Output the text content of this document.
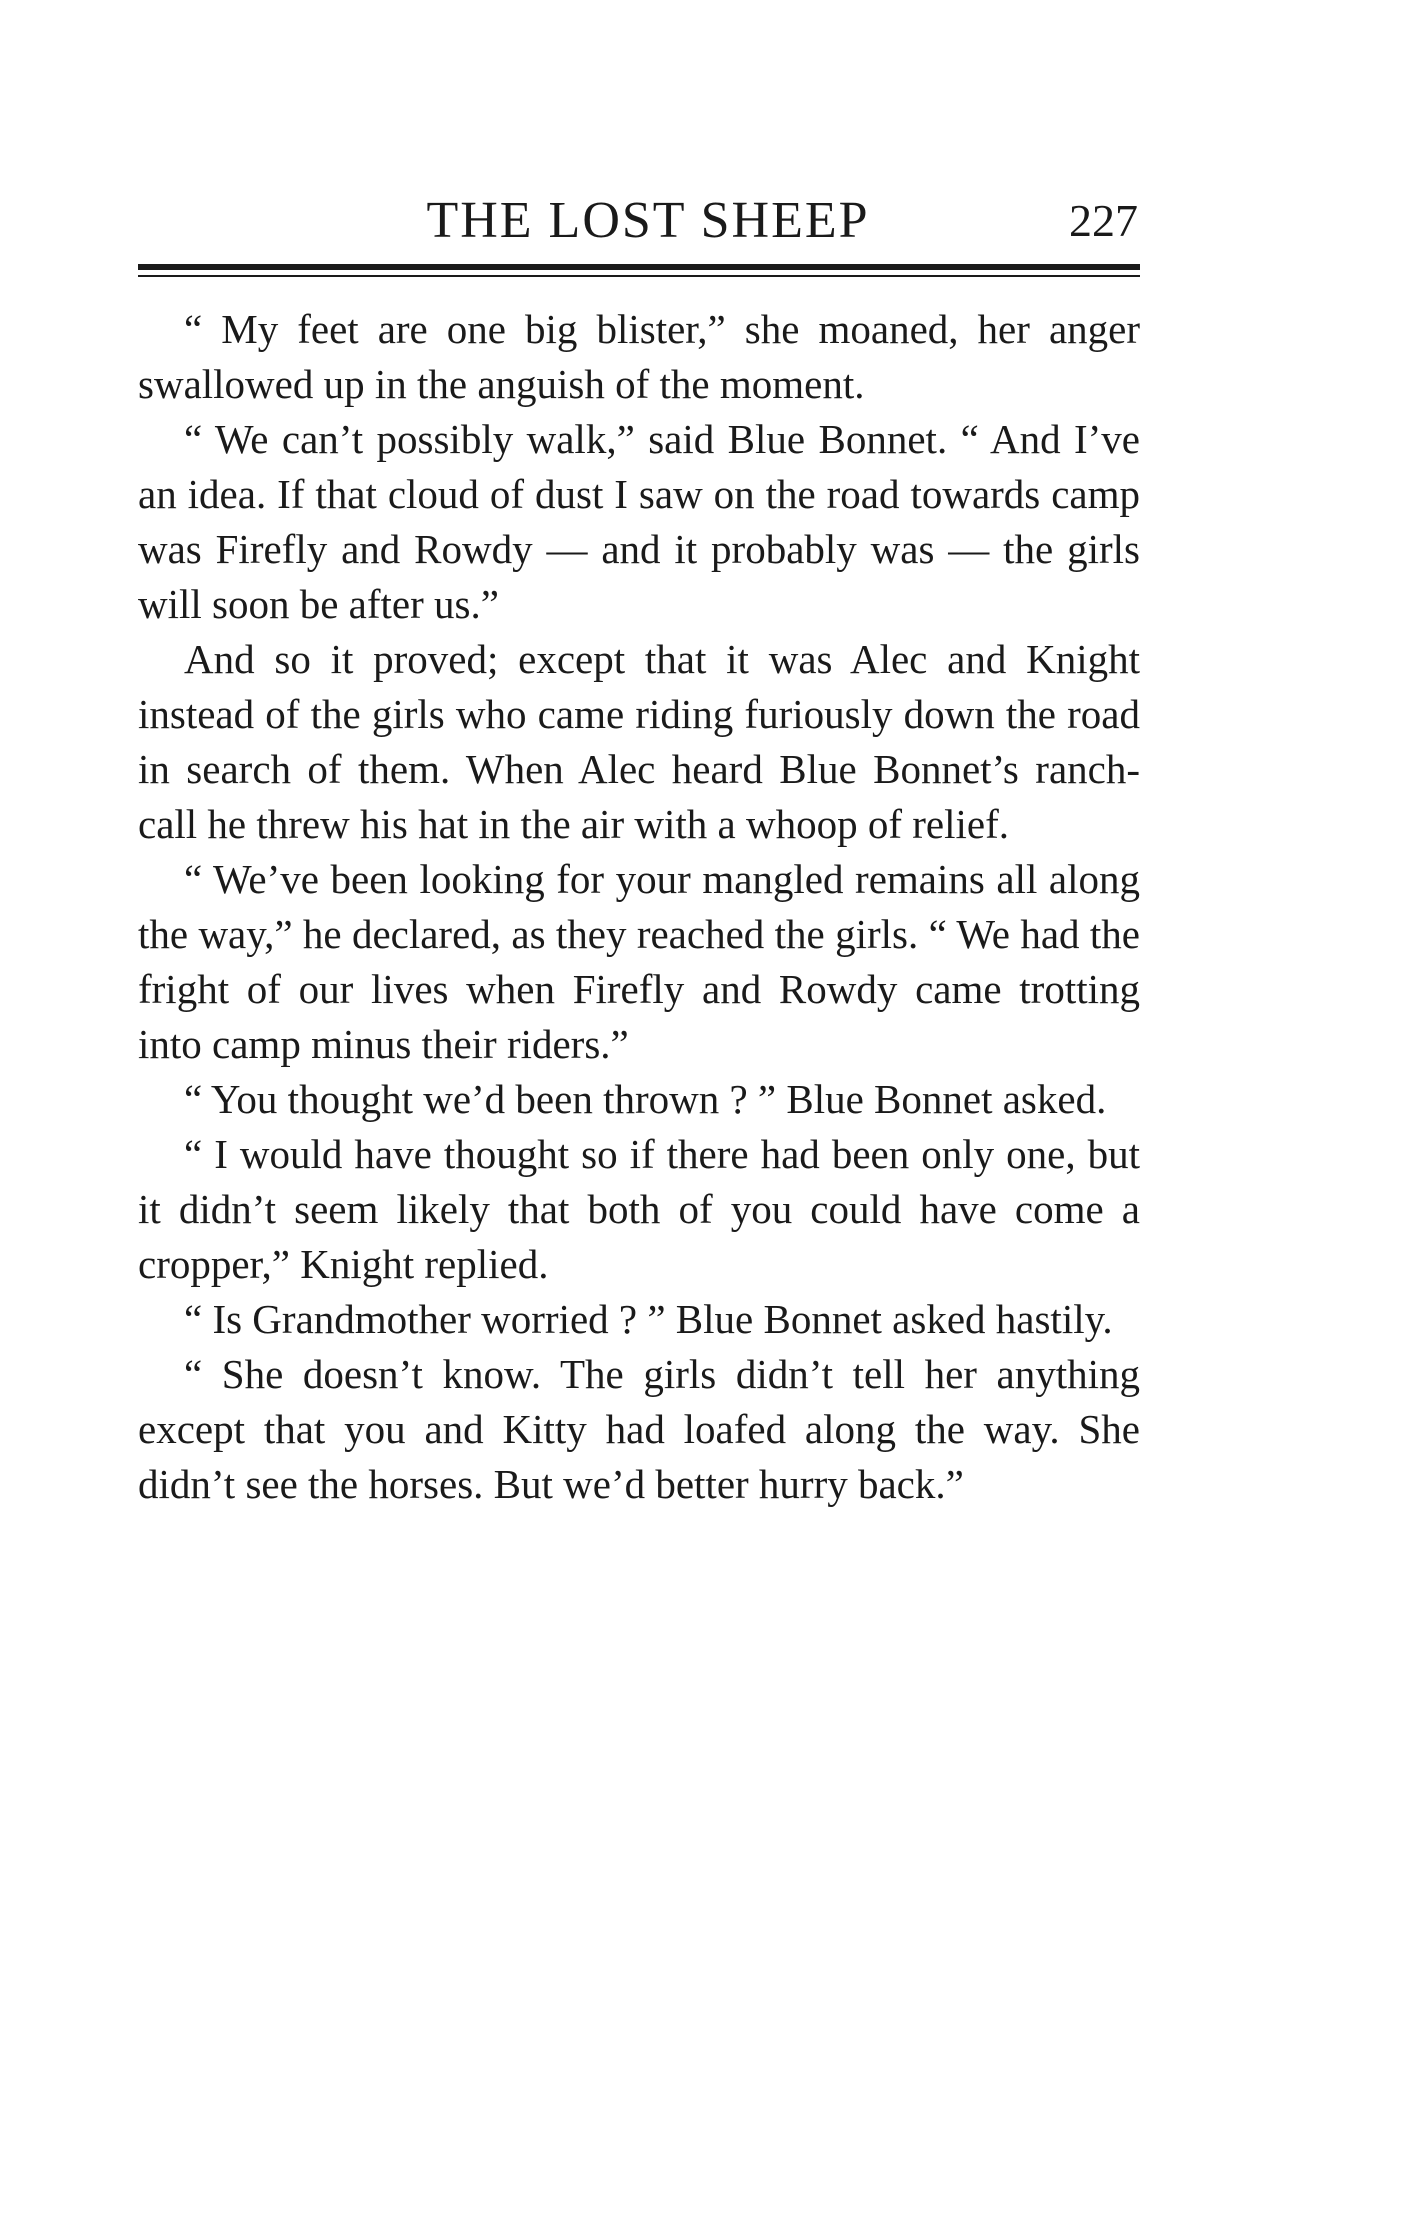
THE LOST SHEEP	227

“ My feet are one big blister,” she moaned, her anger swallowed up in the anguish of the moment.

“ We can’t possibly walk,” said Blue Bonnet. “ And I’ve an idea. If that cloud of dust I saw on the road towards camp was Firefly and Rowdy — and it probably was — the girls will soon be after us.”

And so it proved; except that it was Alec and Knight instead of the girls who came riding furiously down the road in search of them. When Alec heard Blue Bonnet’s ranch-call he threw his hat in the air with a whoop of relief.

“ We’ve been looking for your mangled remains all along the way,” he declared, as they reached the girls. “ We had the fright of our lives when Firefly and Rowdy came trotting into camp minus their riders.”

“ You thought we’d been thrown ? ” Blue Bonnet asked.

“ I would have thought so if there had been only one, but it didn’t seem likely that both of you could have come a cropper,” Knight replied.

“ Is Grandmother worried ? ” Blue Bonnet asked hastily.

“ She doesn’t know. The girls didn’t tell her anything except that you and Kitty had loafed along the way. She didn’t see the horses. But we’d better hurry back.”
